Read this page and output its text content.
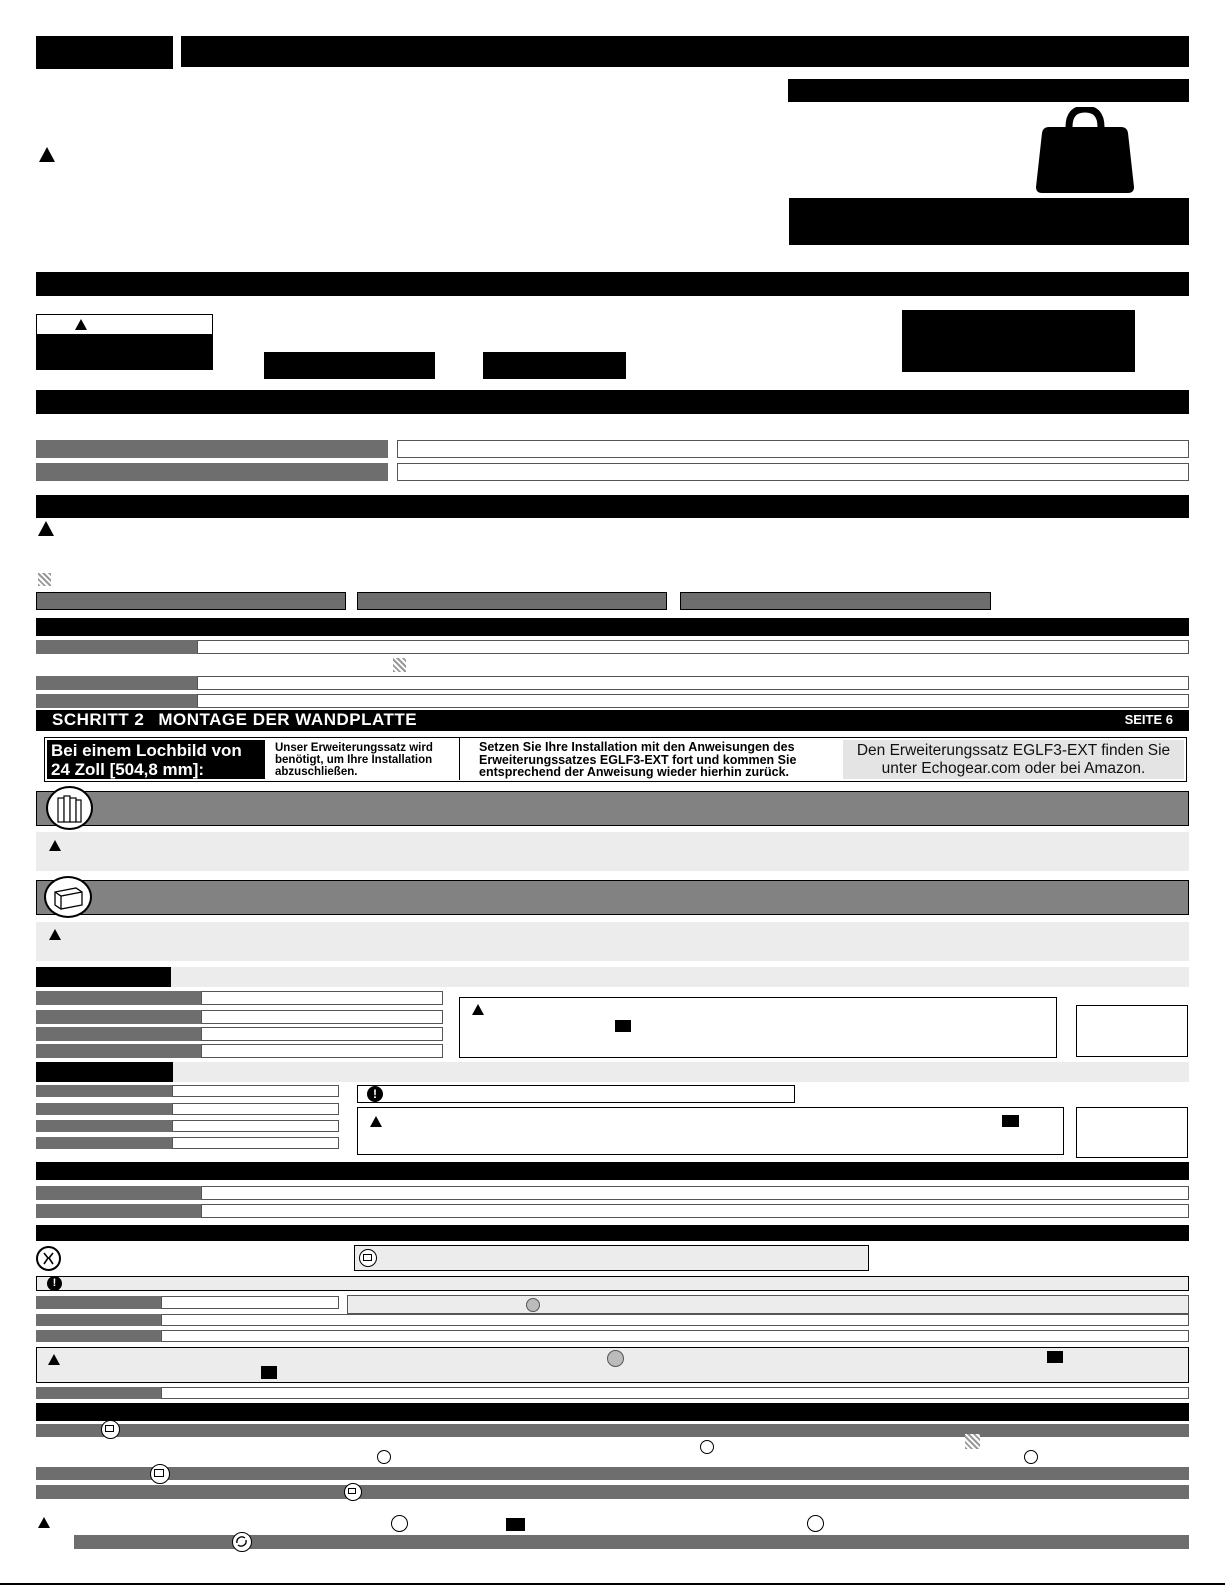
SCHRITT 2 MONTAGE DER WANDPLATTE	SEITE 6
Bei einem Lochbild von 24 Zoll [504,8 mm]:
Unser Erweiterungssatz wird benötigt, um Ihre Installation abzuschließen.
Setzen Sie Ihre Installation mit den Anweisungen des Erweiterungssatzes EGLF3-EXT fort und kommen Sie entsprechend der Anweisung wieder hierhin zurück.
Den Erweiterungssatz EGLF3-EXT finden Sie unter Echogear.com oder bei Amazon.
!
!
